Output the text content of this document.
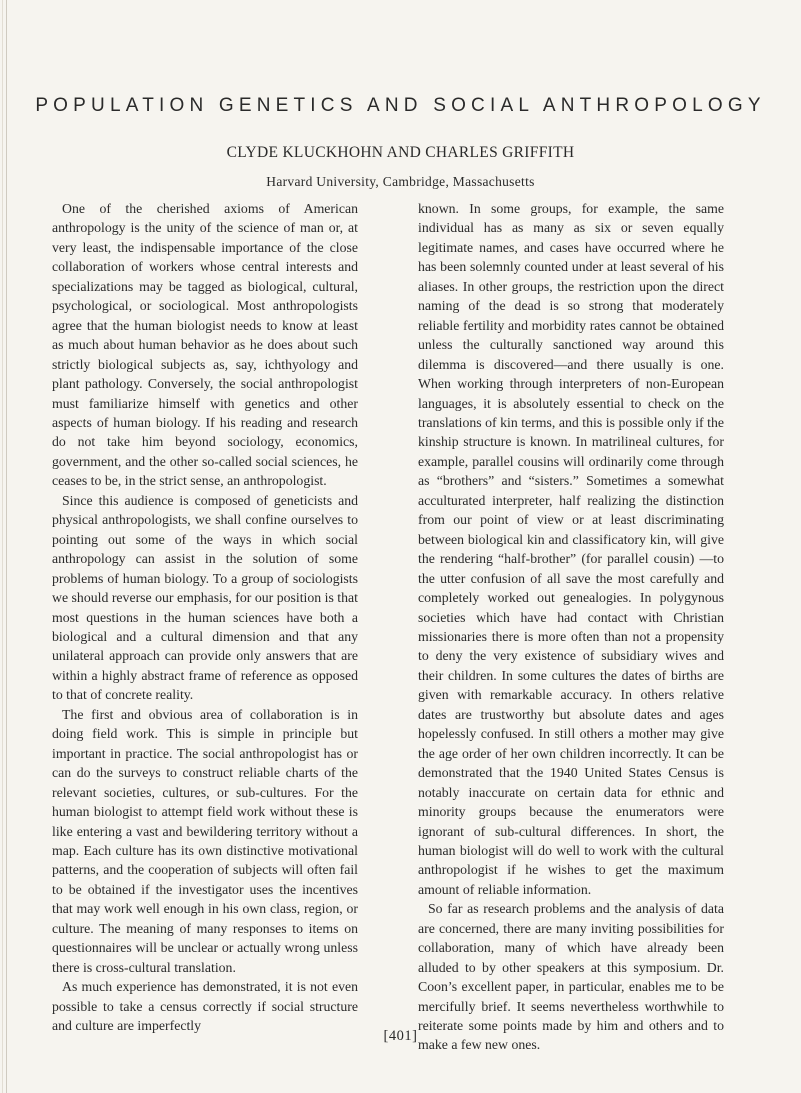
POPULATION GENETICS AND SOCIAL ANTHROPOLOGY
CLYDE KLUCKHOHN AND CHARLES GRIFFITH
Harvard University, Cambridge, Massachusetts

One of the cherished axioms of American anthropology is the unity of the science of man or, at very least, the indispensable importance of the close collaboration of workers whose central interests and specializations may be tagged as biological, cultural, psychological, or sociological. Most anthropologists agree that the human biologist needs to know at least as much about human behavior as he does about such strictly biological subjects as, say, ichthyology and plant pathology. Conversely, the social anthropologist must familiarize himself with genetics and other aspects of human biology. If his reading and research do not take him beyond sociology, economics, government, and the other so-called social sciences, he ceases to be, in the strict sense, an anthropologist.

Since this audience is composed of geneticists and physical anthropologists, we shall confine ourselves to pointing out some of the ways in which social anthropology can assist in the solution of some problems of human biology. To a group of sociologists we should reverse our emphasis, for our position is that most questions in the human sciences have both a biological and a cultural dimension and that any unilateral approach can provide only answers that are within a highly abstract frame of reference as opposed to that of concrete reality.

The first and obvious area of collaboration is in doing field work. This is simple in principle but important in practice. The social anthropologist has or can do the surveys to construct reliable charts of the relevant societies, cultures, or sub-cultures. For the human biologist to attempt field work without these is like entering a vast and bewildering territory without a map. Each culture has its own distinctive motivational patterns, and the cooperation of subjects will often fail to be obtained if the investigator uses the incentives that may work well enough in his own class, region, or culture. The meaning of many responses to items on questionnaires will be unclear or actually wrong unless there is cross-cultural translation.

As much experience has demonstrated, it is not even possible to take a census correctly if social structure and culture are imperfectly

known. In some groups, for example, the same individual has as many as six or seven equally legitimate names, and cases have occurred where he has been solemnly counted under at least several of his aliases. In other groups, the restriction upon the direct naming of the dead is so strong that moderately reliable fertility and morbidity rates cannot be obtained unless the culturally sanctioned way around this dilemma is discovered—and there usually is one. When working through interpreters of non-European languages, it is absolutely essential to check on the translations of kin terms, and this is possible only if the kinship structure is known. In matrilineal cultures, for example, parallel cousins will ordinarily come through as “brothers” and “sisters.” Sometimes a somewhat acculturated interpreter, half realizing the distinction from our point of view or at least discriminating between biological kin and classificatory kin, will give the rendering “half-brother” (for parallel cousin) —to the utter confusion of all save the most carefully and completely worked out genealogies. In polygynous societies which have had contact with Christian missionaries there is more often than not a propensity to deny the very existence of subsidiary wives and their children. In some cultures the dates of births are given with remarkable accuracy. In others relative dates are trustworthy but absolute dates and ages hopelessly confused. In still others a mother may give the age order of her own children incorrectly. It can be demonstrated that the 1940 United States Census is notably inaccurate on certain data for ethnic and minority groups because the enumerators were ignorant of sub-cultural differences. In short, the human biologist will do well to work with the cultural anthropologist if he wishes to get the maximum amount of reliable information.

So far as research problems and the analysis of data are concerned, there are many inviting possibilities for collaboration, many of which have already been alluded to by other speakers at this symposium. Dr. Coon’s excellent paper, in particular, enables me to be mercifully brief. It seems nevertheless worthwhile to reiterate some points made by him and others and to make a few new ones.

[401]
